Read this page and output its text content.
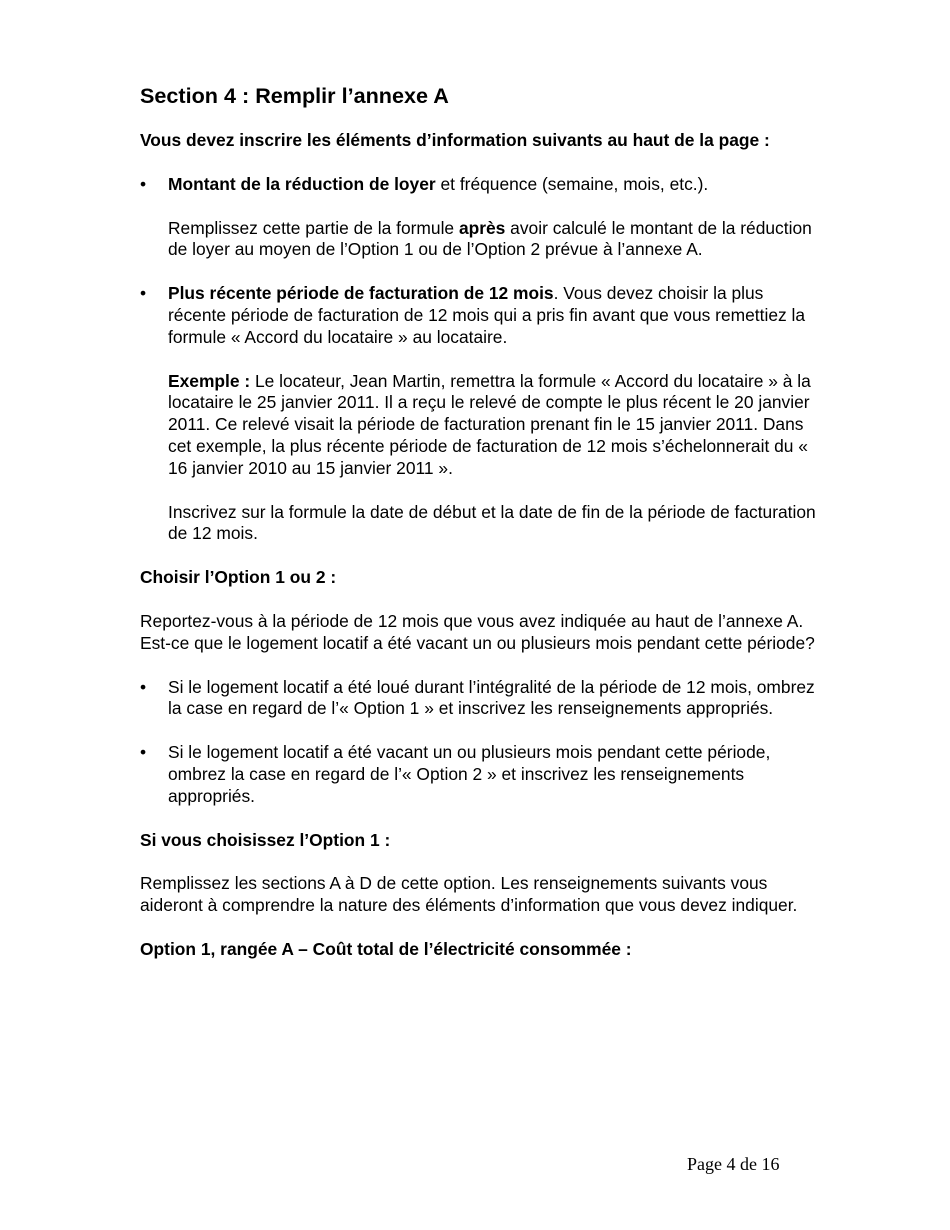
Section 4 : Remplir l’annexe A

Vous devez inscrire les éléments d’information suivants au haut de la page :

• Montant de la réduction de loyer et fréquence (semaine, mois, etc.).
Remplissez cette partie de la formule après avoir calculé le montant de la réduction de loyer au moyen de l’Option 1 ou de l’Option 2 prévue à l’annexe A.
• Plus récente période de facturation de 12 mois. Vous devez choisir la plus récente période de facturation de 12 mois qui a pris fin avant que vous remettiez la formule « Accord du locataire » au locataire.
Exemple : Le locateur, Jean Martin, remettra la formule « Accord du locataire » à la locataire le 25 janvier 2011. Il a reçu le relevé de compte le plus récent le 20 janvier 2011. Ce relevé visait la période de facturation prenant fin le 15 janvier 2011. Dans cet exemple, la plus récente période de facturation de 12 mois s’échelonnerait du « 16 janvier 2010 au 15 janvier 2011 ».
Inscrivez sur la formule la date de début et la date de fin de la période de facturation de 12 mois.

Choisir l’Option 1 ou 2 :

Reportez-vous à la période de 12 mois que vous avez indiquée au haut de l’annexe A. Est-ce que le logement locatif a été vacant un ou plusieurs mois pendant cette période?

• Si le logement locatif a été loué durant l’intégralité de la période de 12 mois, ombrez la case en regard de l’« Option 1 » et inscrivez les renseignements appropriés.
• Si le logement locatif a été vacant un ou plusieurs mois pendant cette période, ombrez la case en regard de l’« Option 2 » et inscrivez les renseignements appropriés.

Si vous choisissez l’Option 1 :

Remplissez les sections A à D de cette option. Les renseignements suivants vous aideront à comprendre la nature des éléments d’information que vous devez indiquer.

Option 1, rangée A – Coût total de l’électricité consommée :

Page 4 de 16
